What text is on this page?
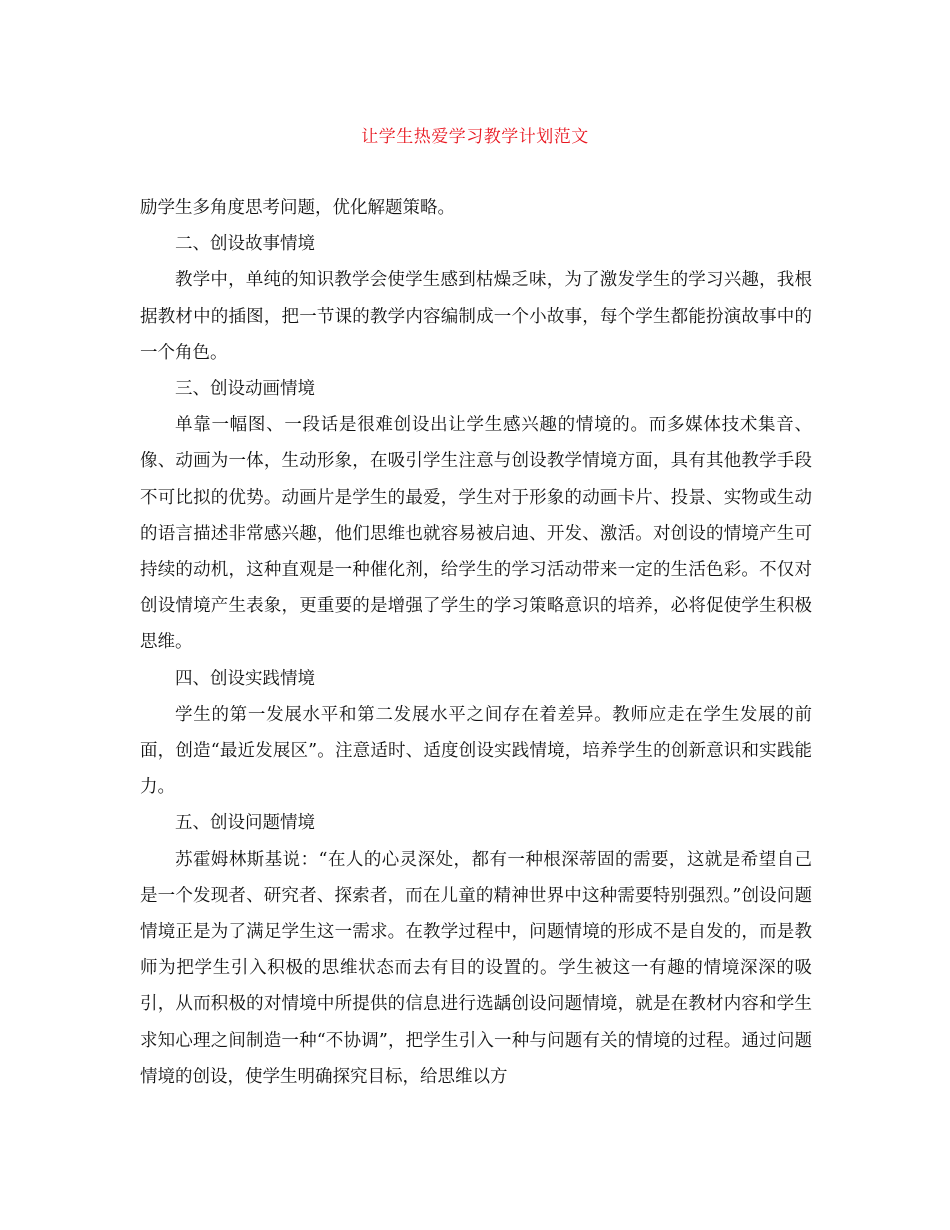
让学生热爱学习教学计划范文

励学生多角度思考问题，优化解题策略。

二、创设故事情境

教学中，单纯的知识教学会使学生感到枯燥乏味，为了激发学生的学习兴趣，我根据教材中的插图，把一节课的教学内容编制成一个小故事，每个学生都能扮演故事中的一个角色。

三、创设动画情境

单靠一幅图、一段话是很难创设出让学生感兴趣的情境的。而多媒体技术集音、像、动画为一体，生动形象，在吸引学生注意与创设教学情境方面，具有其他教学手段不可比拟的优势。动画片是学生的最爱，学生对于形象的动画卡片、投景、实物或生动的语言描述非常感兴趣，他们思维也就容易被启迪、开发、激活。对创设的情境产生可持续的动机，这种直观是一种催化剂，给学生的学习活动带来一定的生活色彩。不仅对创设情境产生表象，更重要的是增强了学生的学习策略意识的培养，必将促使学生积极思维。

四、创设实践情境

学生的第一发展水平和第二发展水平之间存在着差异。教师应走在学生发展的前面，创造“最近发展区”。注意适时、适度创设实践情境，培养学生的创新意识和实践能力。

五、创设问题情境

苏霍姆林斯基说：“在人的心灵深处，都有一种根深蒂固的需要，这就是希望自己是一个发现者、研究者、探索者，而在儿童的精神世界中这种需要特别强烈。”创设问题情境正是为了满足学生这一需求。在教学过程中，问题情境的形成不是自发的，而是教师为把学生引入积极的思维状态而去有目的设置的。学生被这一有趣的情境深深的吸引，从而积极的对情境中所提供的信息进行选龋创设问题情境，就是在教材内容和学生求知心理之间制造一种“不协调”，把学生引入一种与问题有关的情境的过程。通过问题情境的创设，使学生明确探究目标，给思维以方
